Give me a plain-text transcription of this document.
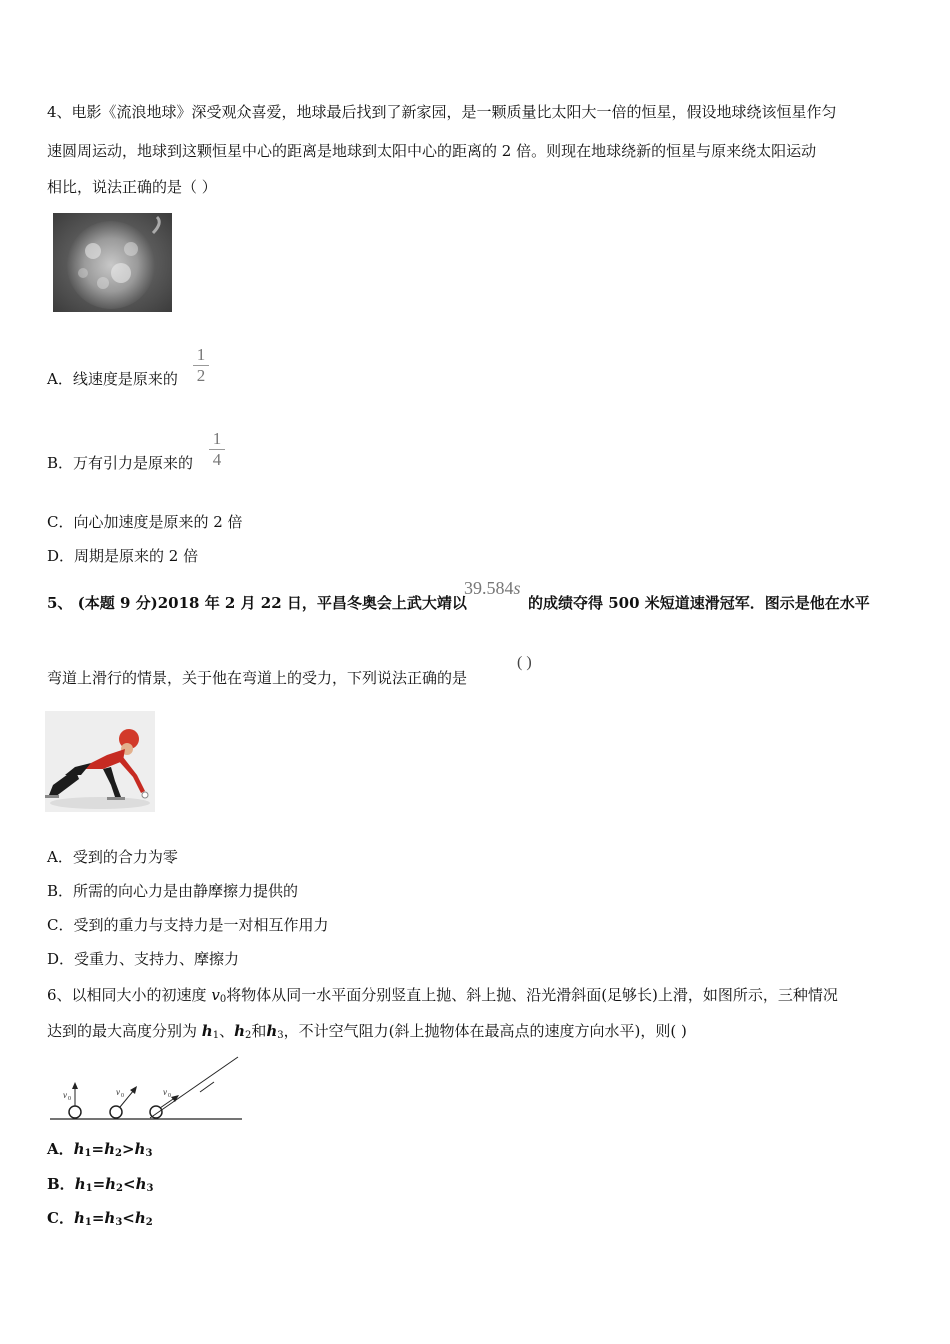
4、电影《流浪地球》深受观众喜爱，地球最后找到了新家园，是一颗质量比太阳大一倍的恒星，假设地球绕该恒星作匀
速圆周运动，地球到这颗恒星中心的距离是地球到太阳中心的距离的 2 倍。则现在地球绕新的恒星与原来绕太阳运动
相比，说法正确的是（ ）
A．线速度是原来的
1
2
B．万有引力是原来的
1
4
C．向心加速度是原来的 2 倍
D．周期是原来的 2 倍
5、 (本题 9 分)2018 年 2 月 22 日，平昌冬奥会上武大靖以
39.584s
的成绩夺得 500 米短道速滑冠军．图示是他在水平
弯道上滑行的情景，关于他在弯道上的受力，下列说法正确的是
( )
A．受到的合力为零
B．所需的向心力是由静摩擦力提供的
C．受到的重力与支持力是一对相互作用力
D．受重力、支持力、摩擦力
6、以相同大小的初速度 $v_0$将物体从同一水平面分别竖直上抛、斜上抛、沿光滑斜面(足够长)上滑，如图所示，三种情况
达到的最大高度分别为 $h_1$、$h_2$和$h_3$，不计空气阻力(斜上抛物体在最高点的速度方向水平)，则( )
v 0
v 0	v 0
A．$h_1=h_2>h_3$
B．$h_1=h_2<h_3$
C．$h_1=h_3<h_2$
